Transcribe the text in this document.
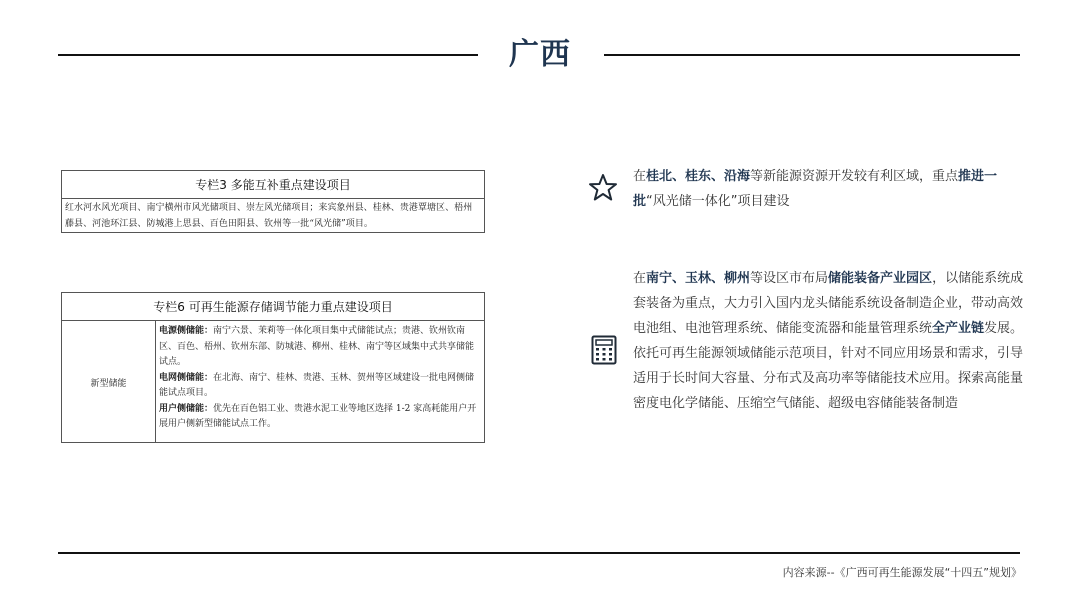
广西
专栏3 多能互补重点建设项目
红水河水风光项目、南宁横州市风光储项目、崇左风光储项目；来宾象州县、桂林、贵港覃塘区、梧州藤县、河池环江县、防城港上思县、百色田阳县、钦州等一批“风光储”项目。
专栏6 可再生能源存储调节能力重点建设项目
新型储能
电源侧储能：南宁六景、茉莉等一体化项目集中式储能试点；贵港、钦州钦南区、百色、梧州、钦州东部、防城港、柳州、桂林、南宁等区域集中式共享储能试点。
电网侧储能：在北海、南宁、桂林、贵港、玉林、贺州等区域建设一批电网侧储能试点项目。
用户侧储能：优先在百色铝工业、贵港水泥工业等地区选择 1-2 家高耗能用户开展用户侧新型储能试点工作。
在桂北、桂东、沿海等新能源资源开发较有利区域，重点推进一批“风光储一体化”项目建设
在南宁、玉林、柳州等设区市布局储能装备产业园区，以储能系统成套装备为重点，大力引入国内龙头储能系统设备制造企业，带动高效电池组、电池管理系统、储能变流器和能量管理系统全产业链发展。依托可再生能源领域储能示范项目，针对不同应用场景和需求，引导适用于长时间大容量、分布式及高功率等储能技术应用。探索高能量密度电化学储能、压缩空气储能、超级电容储能装备制造
内容来源--《广西可再生能源发展“十四五”规划》
